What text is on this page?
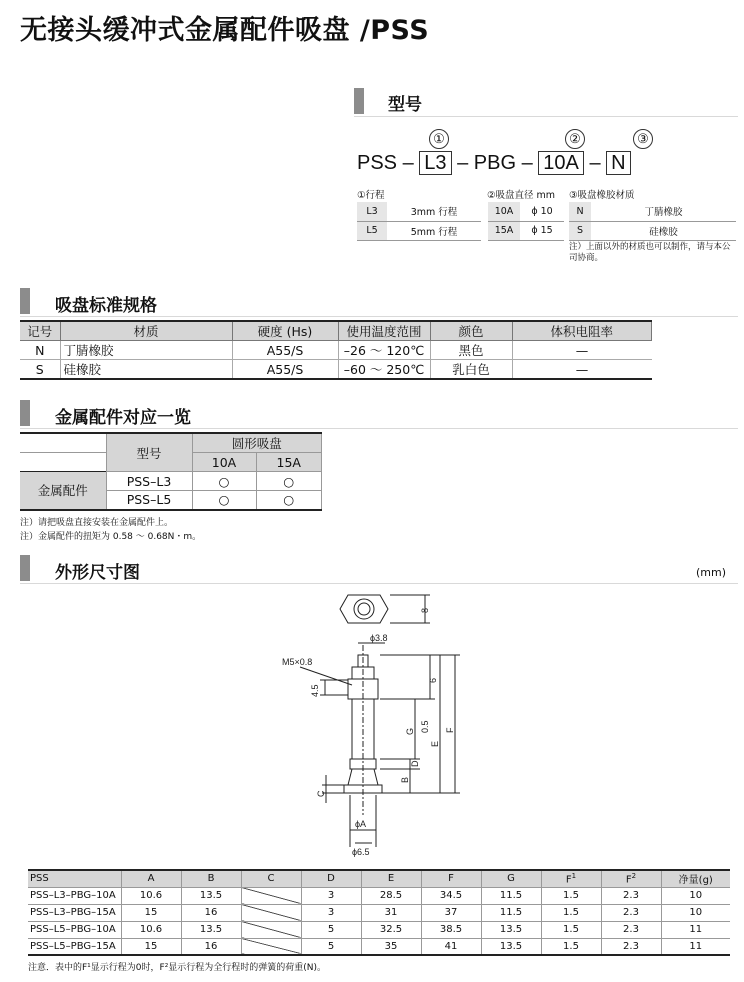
无接头缓冲式金属配件吸盘 /PSS
型号
①	②	③
PSS – L3 – PBG – 10A – N
①行程
L3	3mm 行程
L5	5mm 行程
②吸盘直径 mm
10A	ϕ 10
15A	ϕ 15
③吸盘橡胶材质
N	丁腈橡胶
S	硅橡胶
注）上面以外的材质也可以制作，请与本公司协商。
吸盘标准规格
记号	材质	硬度 (Hs)	使用温度范围	颜色	体积电阻率
N	丁腈橡胶	A55/S	–26 ～ 120℃	黑色	—
S	硅橡胶	A55/S	–60 ～ 250℃	乳白色	—
金属配件对应一览
	型号	圆形吸盘	
		10A	15A
金属配件	PSS–L3	○	○
	PSS–L5	○	○
注）请把吸盘直接安装在金属配件上。
注）金属配件的扭矩为 0.58 ～ 0.68N・m。
外形尺寸图	(mm)
8
ϕ3.8
M5×0.8
4.5
6
0.5
G
E
F
B
D
C
ϕA
ϕ6.5
PSS	A	B	C	D	E	F	G	$F^1$	$F^2$	净量(g)
PSS–L3–PBG–10A	10.6	13.5		3	28.5	34.5	11.5	1.5	2.3	10
PSS–L3–PBG–15A	15	16		3	31	37	11.5	1.5	2.3	10
PSS–L5–PBG–10A	10.6	13.5		5	32.5	38.5	13.5	1.5	2.3	11
PSS–L5–PBG–15A	15	16		5	35	41	13.5	1.5	2.3	11
注意．表中的F¹显示行程为0时，F²显示行程为全行程时的弹簧的荷重(N)。
